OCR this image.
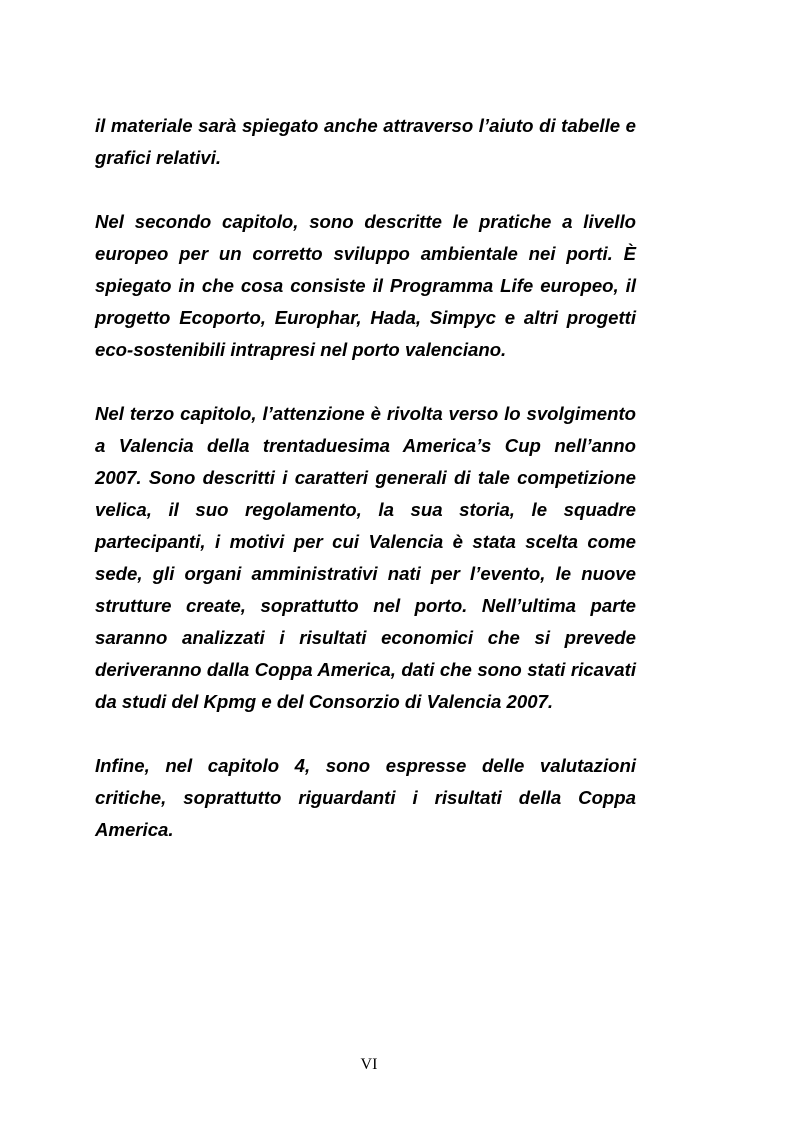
il materiale sarà spiegato anche attraverso l’aiuto di tabelle e grafici relativi.

Nel secondo capitolo, sono descritte le pratiche a livello europeo per un corretto sviluppo ambientale nei porti. È spiegato in che cosa consiste il Programma Life europeo, il progetto Ecoporto, Europhar, Hada, Simpyc e altri progetti eco-sostenibili intrapresi nel porto valenciano.

Nel terzo capitolo, l’attenzione è rivolta verso lo svolgimento a Valencia della trentaduesima America’s Cup nell’anno 2007. Sono descritti i caratteri generali di tale competizione velica, il suo regolamento, la sua storia, le squadre partecipanti, i motivi per cui Valencia è stata scelta come sede, gli organi amministrativi nati per l’evento, le nuove strutture create, soprattutto nel porto. Nell’ultima parte saranno analizzati i risultati economici che si prevede deriveranno dalla Coppa America, dati che sono stati ricavati da studi del Kpmg e del Consorzio di Valencia 2007.

Infine, nel capitolo 4, sono espresse delle valutazioni critiche, soprattutto riguardanti i risultati della Coppa America.

VI
